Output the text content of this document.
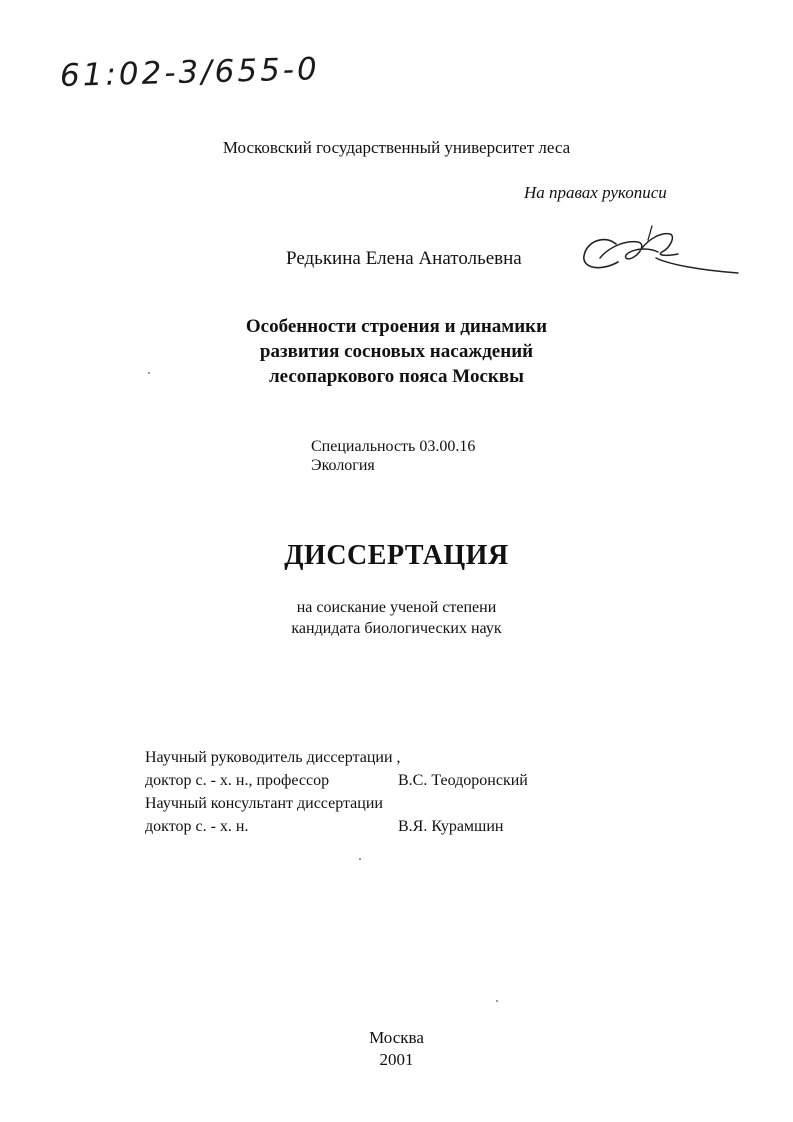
61:02-3/655-0
Московский государственный университет леса
На правах рукописи
Редькина Елена Анатольевна
Особенности строения и динамики
развития сосновых насаждений
лесопаркового пояса Москвы
Специальность 03.00.16
Экология
ДИССЕРТАЦИЯ
на соискание ученой степени
кандидата биологических наук
Научный руководитель диссертации ,
доктор с. - х. н., профессор	В.С. Теодоронский
Научный консультант диссертации
доктор с. - х. н.	В.Я. Курамшин
Москва
2001
